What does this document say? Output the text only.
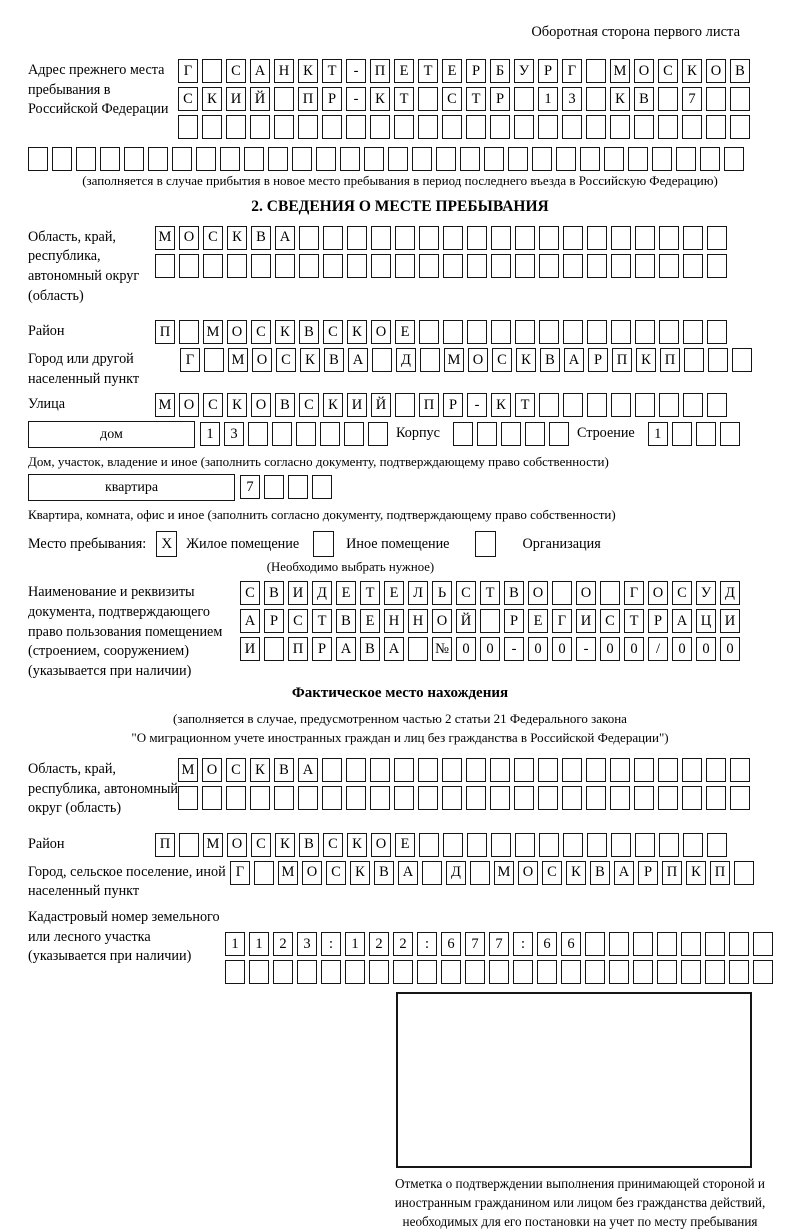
Оборотная сторона первого листа
Адрес прежнего места пребывания в Российской Федерации
Г	С А Н К	Т	-	П Е	Т	Е	Р	Б	У	Р	Г	М О С К О В
С К И Й	П	Р	-	К	Т	С	Т	Р	1	3	К В	7
(заполняется в случае прибытия в новое место пребывания в период последнего въезда в Российскую Федерацию)
2. СВЕДЕНИЯ О МЕСТЕ ПРЕБЫВАНИЯ
Область, край, республика, автономный округ (область)
М О С К В А
Район	П	М О С К В С К О Е
Город или другой населенный пункт
Г	М О С К В А	Д	М О С К В А	Р	П К П
Улица	М О С К О В С К И Й	П	Р	-	К	Т
дом	1	3	Корпус	Строение	1
Дом, участок, владение и иное (заполнить согласно документу, подтверждающему право собственности)
квартира	7
Квартира, комната, офис и иное (заполнить согласно документу, подтверждающему право собственности)
Место пребывания:	X Жилое помещение	Иное помещение	Организация
(Необходимо выбрать нужное)
Наименование и реквизиты документа, подтверждающего право пользования помещением (строением, сооружением) (указывается при наличии)
С В И Д	Е	Т	Е	Л	Ь	С	Т	В О	О	Г	О С У Д
А	Р	С	Т	В	Е Н Н О Й	Р	Е	Г	И С	Т	Р	А Ц И
И	П	Р	А В А	№ 0	0	-	0	0	-	0	0	/	0	0	0
Фактическое место нахождения
(заполняется в случае, предусмотренном частью 2 статьи 21 Федерального закона
"О миграционном учете иностранных граждан и лиц без гражданства в Российской Федерации")
Область, край, республика, автономный округ (область)
М О С К В А
Район	П	М О С К В С К О Е
Город, сельское поселение, иной населенный пункт
Г	М О С К В А	Д	М О С К В А	Р	П К П
Кадастровый номер земельного или лесного участка (указывается при наличии)
1	1	2	3	:	1	2	2	:	6	7	7	:	6	6
Отметка о подтверждении выполнения принимающей стороной и иностранным гражданином или лицом без гражданства действий, необходимых для его постановки на учет по месту пребывания
